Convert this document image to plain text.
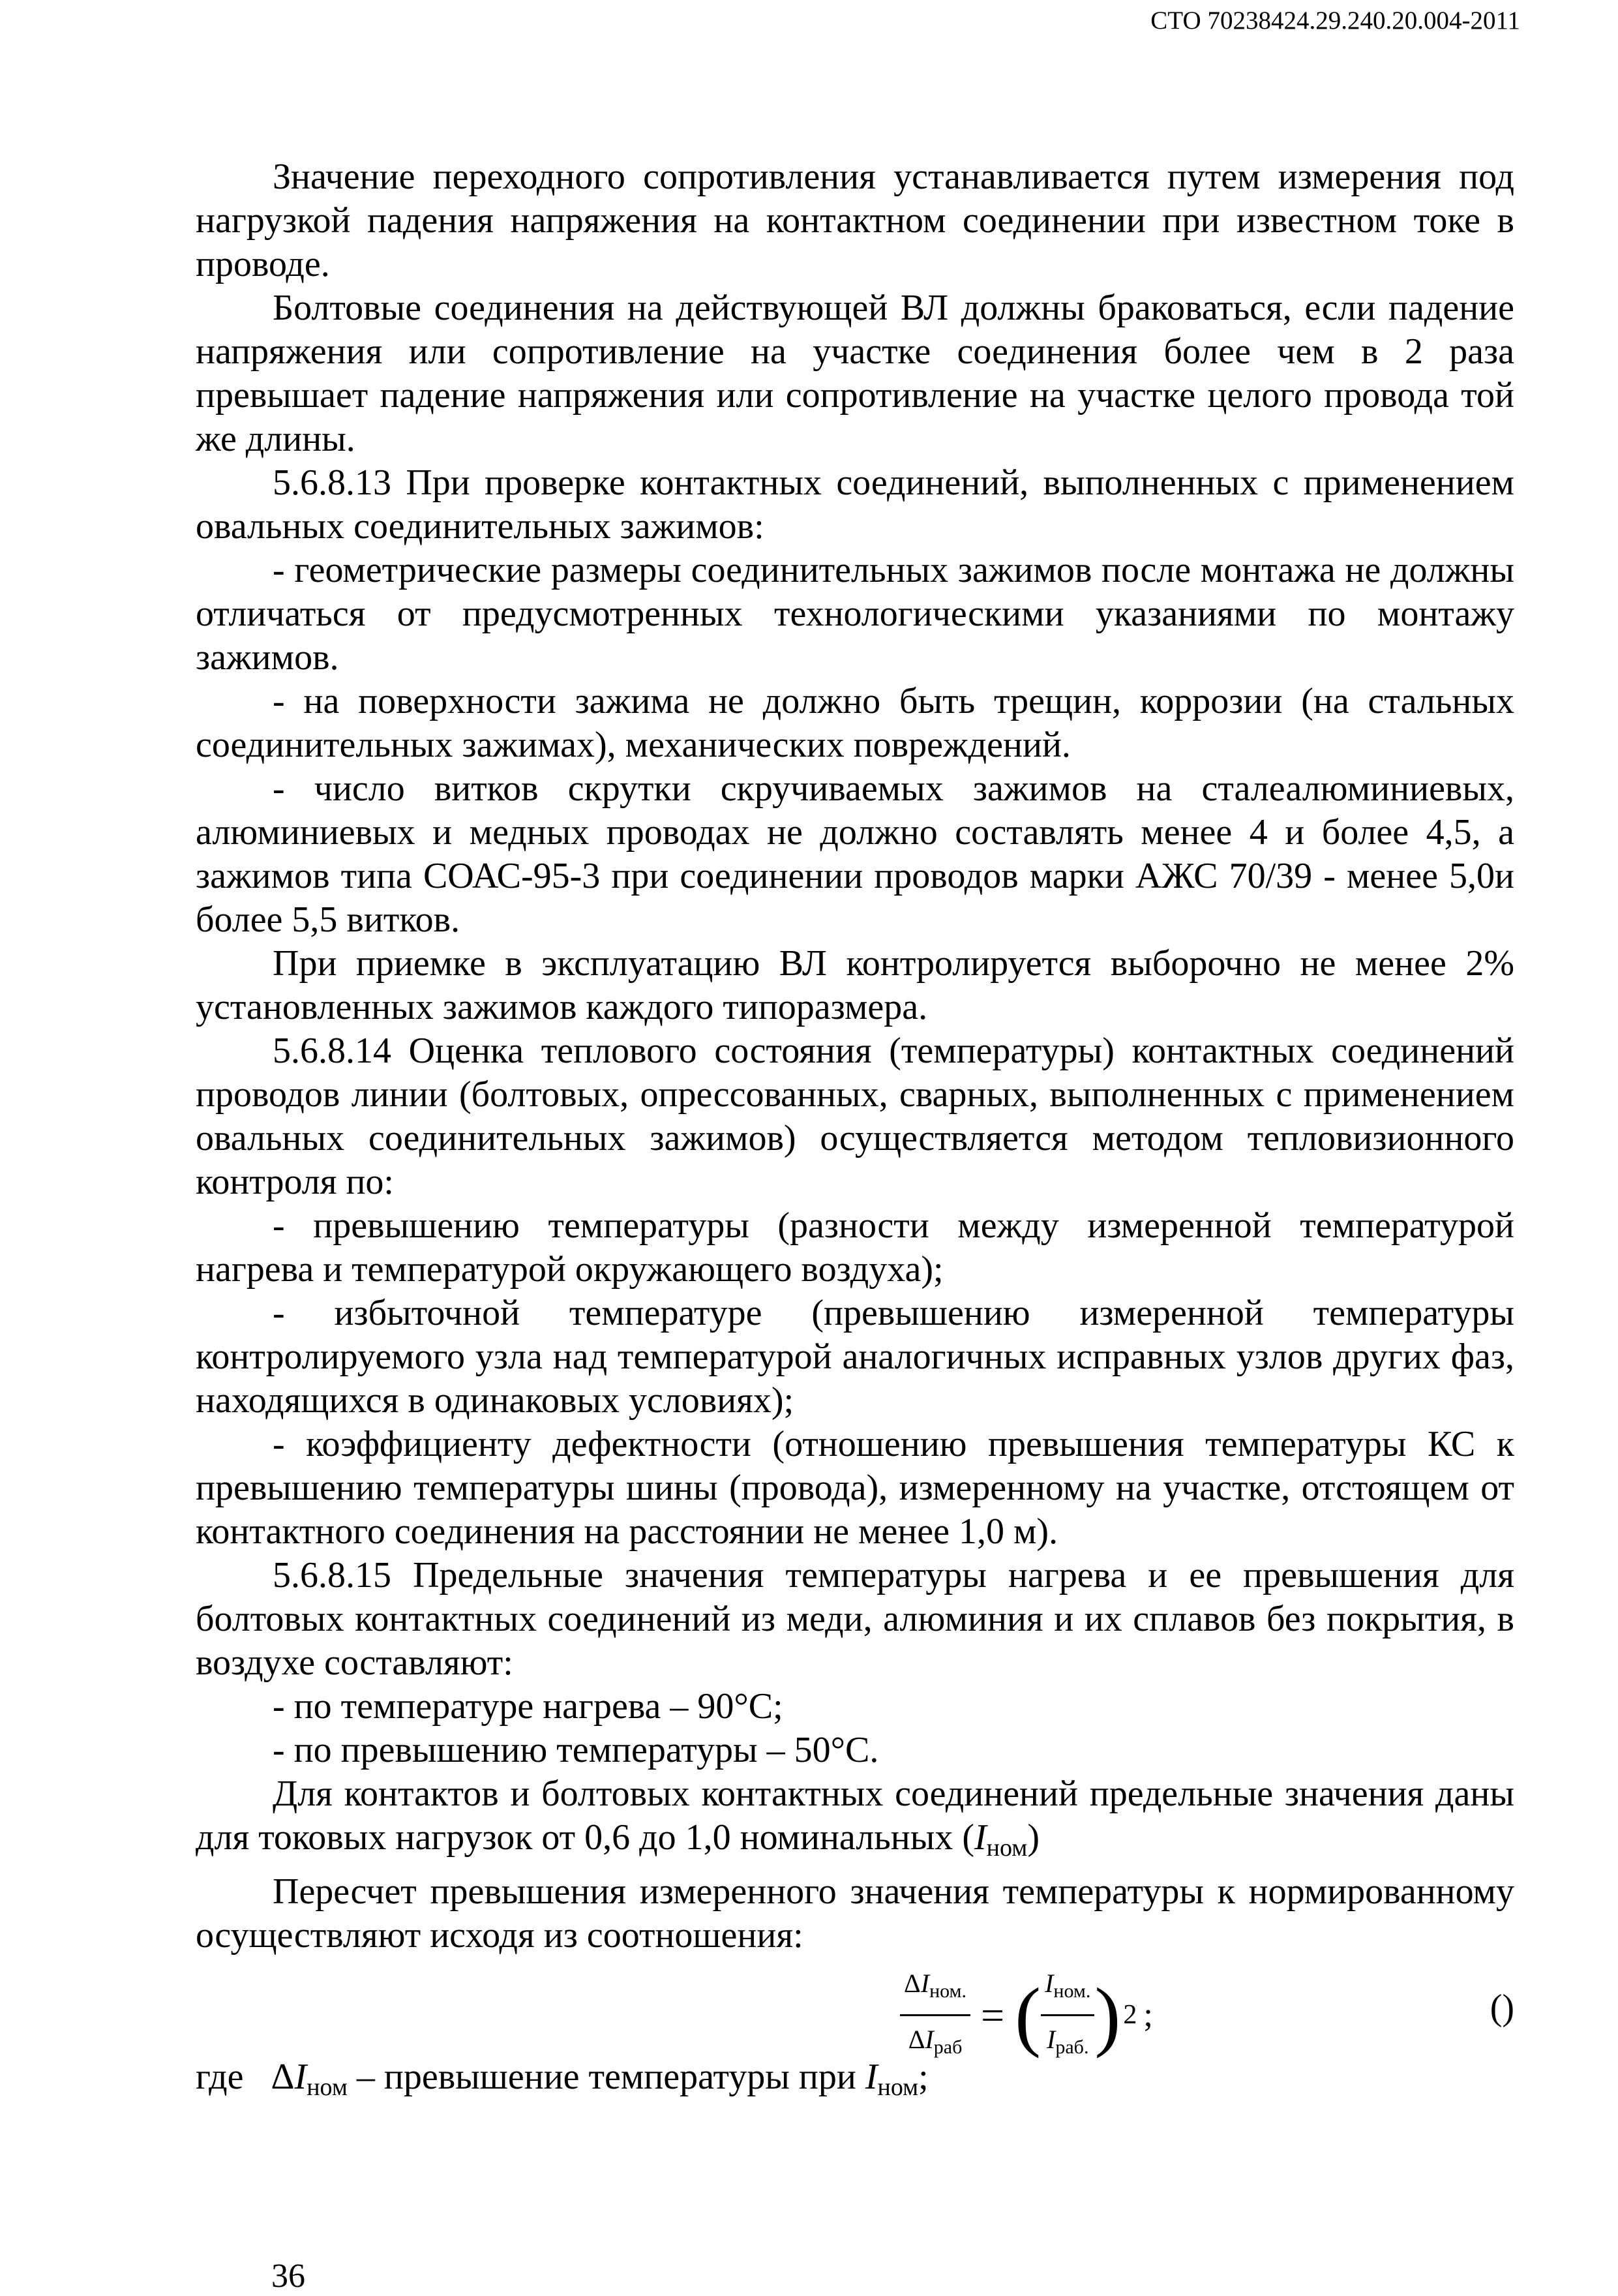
СТО 70238424.29.240.20.004-2011

Значение переходного сопротивления устанавливается путем измерения под нагрузкой падения напряжения на контактном соединении при известном токе в проводе.

Болтовые соединения на действующей ВЛ должны браковаться, если падение напряжения или сопротивление на участке соединения более чем в 2 раза превышает падение напряжения или сопротивление на участке целого провода той же длины.

5.6.8.13 При проверке контактных соединений, выполненных с применением овальных соединительных зажимов:

- геометрические размеры соединительных зажимов после монтажа не должны отличаться от предусмотренных технологическими указаниями по монтажу зажимов.

- на поверхности зажима не должно быть трещин, коррозии (на стальных соединительных зажимах), механических повреждений.

- число витков скрутки скручиваемых зажимов на сталеалюминиевых, алюминиевых и медных проводах не должно составлять менее 4 и более 4,5, а зажимов типа СОАС-95-3 при соединении проводов марки АЖС 70/39 - менее 5,0и более 5,5 витков.

При приемке в эксплуатацию ВЛ контролируется выборочно не менее 2% установленных зажимов каждого типоразмера.

5.6.8.14 Оценка теплового состояния (температуры) контактных соединений проводов линии (болтовых, опрессованных, сварных, выполненных с применением овальных соединительных зажимов) осуществляется методом тепловизионного контроля по:

- превышению температуры (разности между измеренной температурой нагрева и температурой окружающего воздуха);

- избыточной температуре (превышению измеренной температуры контролируемого узла над температурой аналогичных исправных узлов других фаз, находящихся в одинаковых условиях);

- коэффициенту дефектности (отношению превышения температуры КС к превышению температуры шины (провода), измеренному на участке, отстоящем от контактного соединения на расстоянии не менее 1,0 м).

5.6.8.15 Предельные значения температуры нагрева и ее превышения для болтовых контактных соединений из меди, алюминия и их сплавов без покрытия, в воздухе составляют:

- по температуре нагрева – 90°С;

- по превышению температуры – 50°С.

Для контактов и болтовых контактных соединений предельные значения даны для токовых нагрузок от 0,6 до 1,0 номинальных (Iном)

Пересчет превышения измеренного значения температуры к нормированному осуществляют исходя из соотношения:

$\frac{\Delta I_{ном.}}{\Delta I_{раб}}$ = ( $\frac{I_{ном.}}{I_{раб.}}$ ) 2 ;	()

где ΔIном – превышение температуры при Iном;

36
